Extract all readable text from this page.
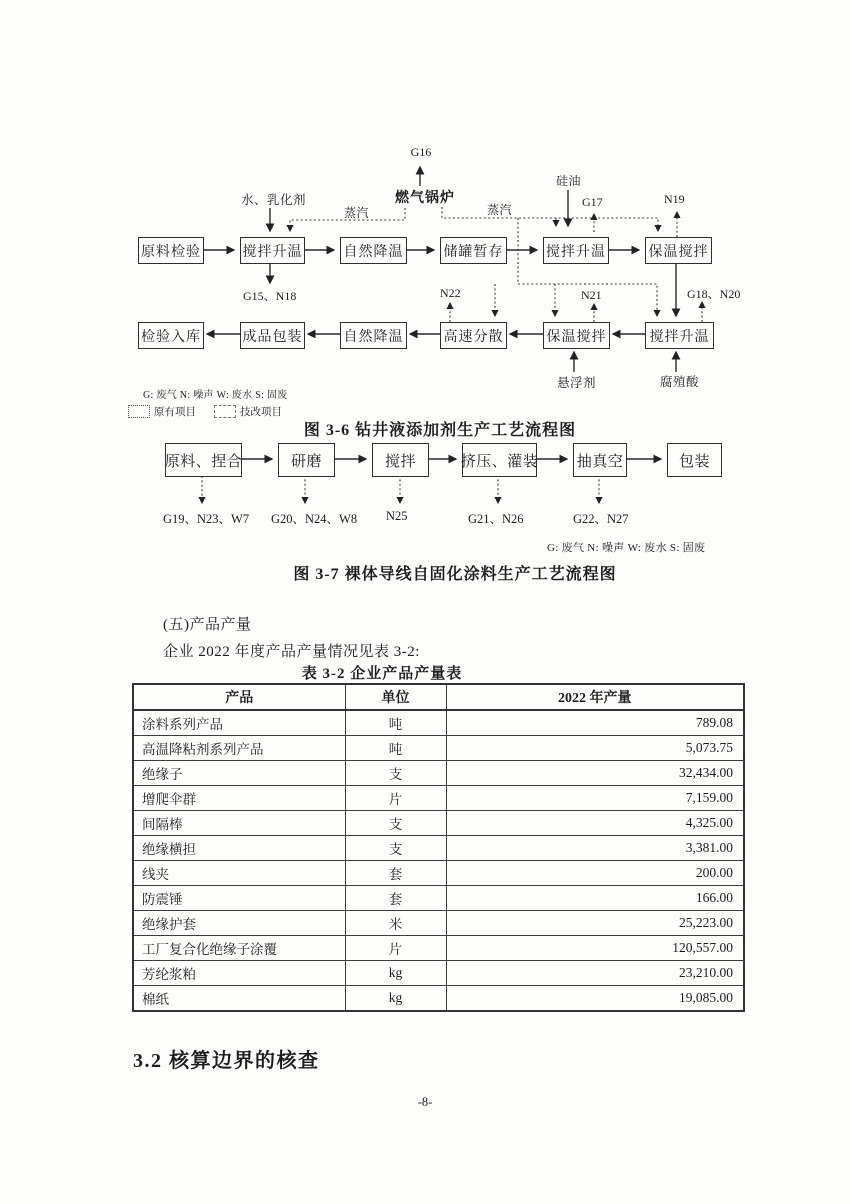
原料检验	搅拌升温	自然降温	储罐暂存	搅拌升温	保温搅拌
检验入库	成品包装	自然降温	高速分散	保温搅拌	搅拌升温
G16
燃气锅炉
水、乳化剂
蒸汽	蒸汽
硅油
G17	N19
G15、N18	N22	N21	G18、N20
悬浮剂	腐殖酸
G: 废气 N: 噪声 W: 废水 S: 固废
原有项目	技改项目
图 3-6 钻井液添加剂生产工艺流程图
原料、捏合	研磨	搅拌	挤压、灌装	抽真空	包装
G19、N23、W7 G20、N24、W8 N25	G21、N26	G22、N27
G: 废气 N: 噪声 W: 废水 S: 固废
图 3-7 裸体导线自固化涂料生产工艺流程图
(五)产品产量
企业 2022 年度产品产量情况见表 3-2:
表 3-2 企业产品产量表
产品	单位	2022 年产量
涂料系列产品	吨	789.08
高温降粘剂系列产品	吨	5,073.75
绝缘子	支	32,434.00
增爬伞群	片	7,159.00
间隔棒	支	4,325.00
绝缘横担	支	3,381.00
线夹	套	200.00
防震锤	套	166.00
绝缘护套	米	25,223.00
工厂复合化绝缘子涂覆	片	120,557.00
芳纶浆粕	kg	23,210.00
棉纸	kg	19,085.00
3.2 核算边界的核查
-8-
